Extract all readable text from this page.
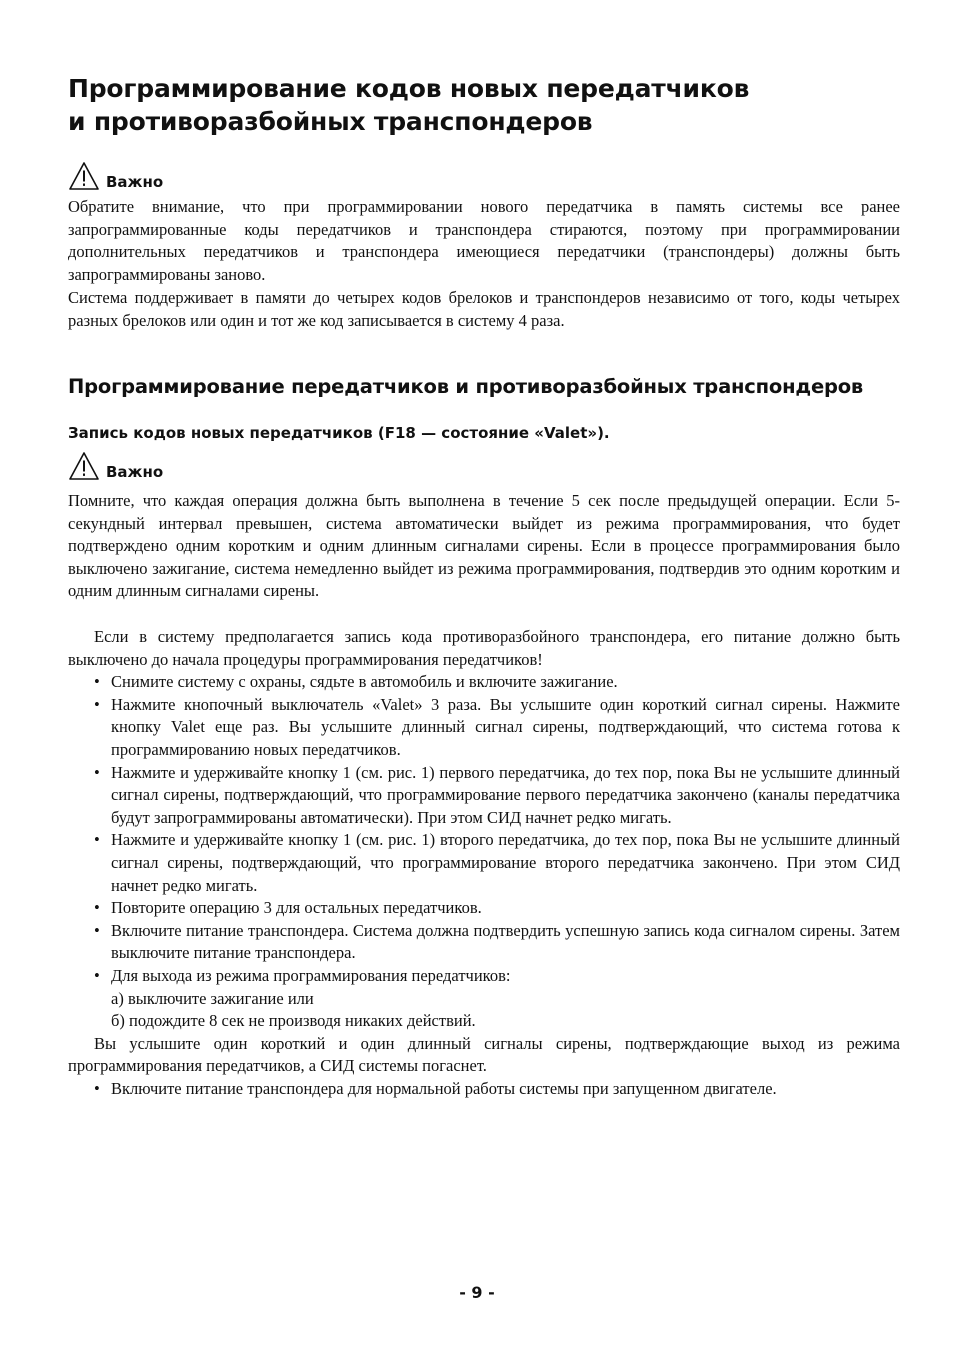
Программирование кодов новых передатчиков
и противоразбойных транспондеров
Важно

Обратите внимание, что при программировании нового передатчика в память системы все ранее запрограммированные коды передатчиков и транспондера стираются, поэтому при программировании дополнительных передатчиков и транспондера имеющиеся передатчики (транспондеры) должны быть запрограммированы заново.

Система поддерживает в памяти до четырех кодов брелоков и транспондеров независимо от того, коды четырех разных брелоков или один и тот же код записывается в систему 4 раза.

Программирование передатчиков и противоразбойных транспондеров
Запись кодов новых передатчиков (F18 — состояние «Valet»).
Важно

Помните, что каждая операция должна быть выполнена в течение 5 сек после предыдущей операции. Если 5-секундный интервал превышен, система автоматически выйдет из режима программирования, что будет подтверждено одним коротким и одним длинным сигналами сирены. Если в процессе программирования было выключено зажигание, система немедленно выйдет из режима программирования, подтвердив это одним коротким и одним длинным сигналами сирены.

Если в систему предполагается запись кода противоразбойного транспондера, его питание должно быть выключено до начала процедуры программирования передатчиков!

• Снимите систему с охраны, сядьте в автомобиль и включите зажигание.
• Нажмите кнопочный выключатель «Valet» 3 раза. Вы услышите один короткий сигнал сирены. Нажмите кнопку Valet еще раз. Вы услышите длинный сигнал сирены, подтверждающий, что система готова к программированию новых передатчиков.
• Нажмите и удерживайте кнопку 1 (см. рис. 1) первого передатчика, до тех пор, пока Вы не услышите длинный сигнал сирены, подтверждающий, что программирование первого передатчика закончено (каналы передатчика будут запрограммированы автоматически). При этом СИД начнет редко мигать.
• Нажмите и удерживайте кнопку 1 (см. рис. 1) второго передатчика, до тех пор, пока Вы не услышите длинный сигнал сирены, подтверждающий, что программирование второго передатчика закончено. При этом СИД начнет редко мигать.
• Повторите операцию 3 для остальных передатчиков.
• Включите питание транспондера. Система должна подтвердить успешную запись кода сигналом сирены. Затем выключите питание транспондера.
• Для выхода из режима программирования передатчиков:
а) выключите зажигание или
б) подождите 8 сек не производя никаких действий.

Вы услышите один короткий и один длинный сигналы сирены, подтверждающие выход из режима программирования передатчиков, а СИД системы погаснет.

• Включите питание транспондера для нормальной работы системы при запущенном двигателе.
- 9 -
